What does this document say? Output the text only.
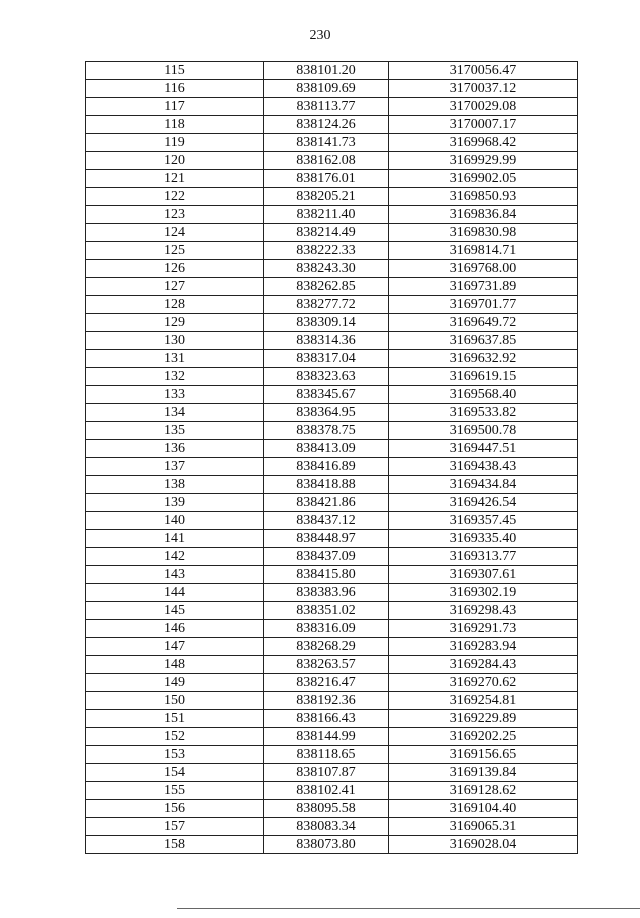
230
115	838101.20	3170056.47
116	838109.69	3170037.12
117	838113.77	3170029.08
118	838124.26	3170007.17
119	838141.73	3169968.42
120	838162.08	3169929.99
121	838176.01	3169902.05
122	838205.21	3169850.93
123	838211.40	3169836.84
124	838214.49	3169830.98
125	838222.33	3169814.71
126	838243.30	3169768.00
127	838262.85	3169731.89
128	838277.72	3169701.77
129	838309.14	3169649.72
130	838314.36	3169637.85
131	838317.04	3169632.92
132	838323.63	3169619.15
133	838345.67	3169568.40
134	838364.95	3169533.82
135	838378.75	3169500.78
136	838413.09	3169447.51
137	838416.89	3169438.43
138	838418.88	3169434.84
139	838421.86	3169426.54
140	838437.12	3169357.45
141	838448.97	3169335.40
142	838437.09	3169313.77
143	838415.80	3169307.61
144	838383.96	3169302.19
145	838351.02	3169298.43
146	838316.09	3169291.73
147	838268.29	3169283.94
148	838263.57	3169284.43
149	838216.47	3169270.62
150	838192.36	3169254.81
151	838166.43	3169229.89
152	838144.99	3169202.25
153	838118.65	3169156.65
154	838107.87	3169139.84
155	838102.41	3169128.62
156	838095.58	3169104.40
157	838083.34	3169065.31
158	838073.80	3169028.04
